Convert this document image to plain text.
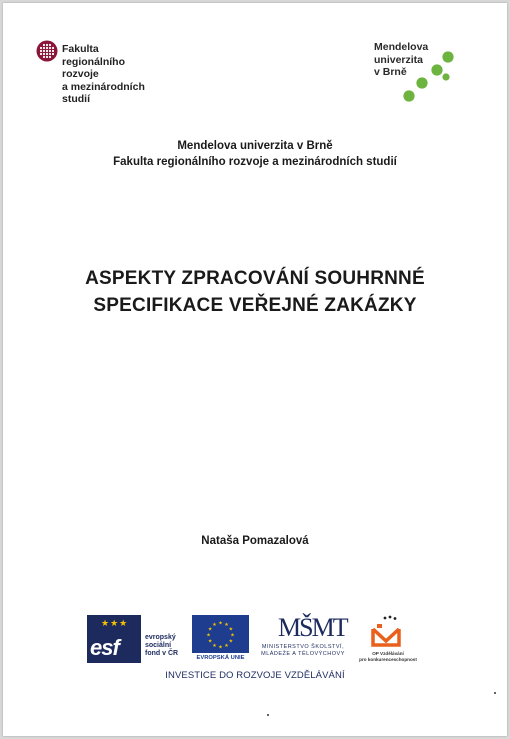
Fakulta
regionálního
rozvoje
a mezinárodních
studií
Mendelova
univerzita
v Brně
Mendelova univerzita v Brně
Fakulta regionálního rozvoje a mezinárodních studií
ASPEKTY ZPRACOVÁNÍ SOUHRNNÉ
SPECIFIKACE VEŘEJNÉ ZAKÁZKY
Nataša Pomazalová
★★★
esf	evropský
sociální
fond v ČR
★ ★
★
★
★
★
★
★
★
★
★
★
EVROPSKÁ UNIE
MŠMT
MINISTERSTVO ŠKOLSTVÍ,
MLÁDEŽE A TĚLOVÝCHOVY	OP Vzdělávání
pro konkurenceschopnost
INVESTICE DO ROZVOJE VZDĚLÁVÁNÍ
